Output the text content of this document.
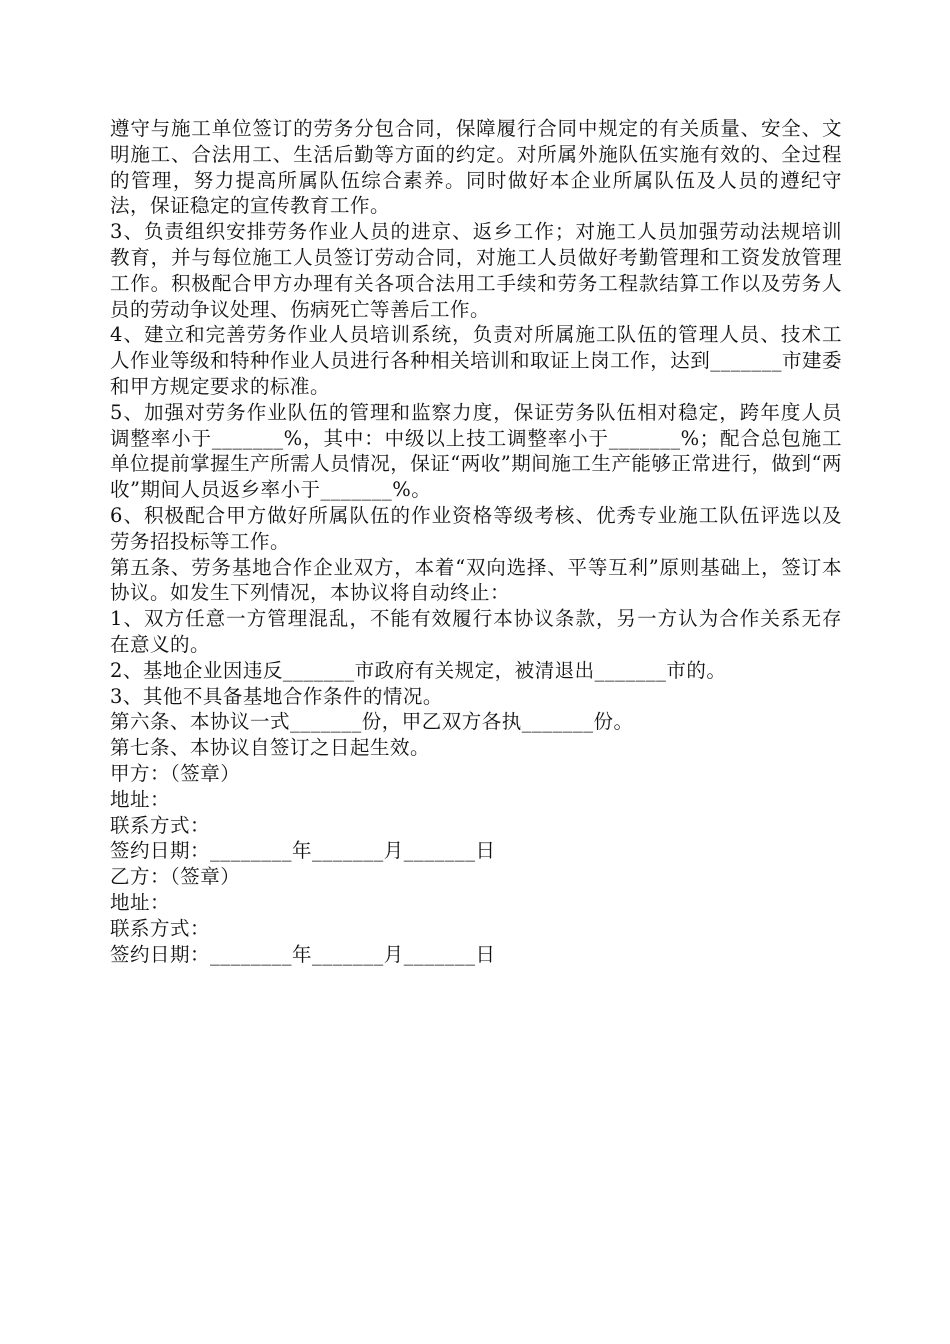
遵守与施工单位签订的劳务分包合同，保障履行合同中规定的有关质量、安全、文明施工、合法用工、生活后勤等方面的约定。对所属外施队伍实施有效的、全过程的管理，努力提高所属队伍综合素养。同时做好本企业所属队伍及人员的遵纪守法，保证稳定的宣传教育工作。

3、负责组织安排劳务作业人员的进京、返乡工作；对施工人员加强劳动法规培训教育，并与每位施工人员签订劳动合同，对施工人员做好考勤管理和工资发放管理工作。积极配合甲方办理有关各项合法用工手续和劳务工程款结算工作以及劳务人员的劳动争议处理、伤病死亡等善后工作。

4、建立和完善劳务作业人员培训系统，负责对所属施工队伍的管理人员、技术工人作业等级和特种作业人员进行各种相关培训和取证上岗工作，达到_______市建委和甲方规定要求的标准。

5、加强对劳务作业队伍的管理和监察力度，保证劳务队伍相对稳定，跨年度人员调整率小于_______%，其中：中级以上技工调整率小于_______%；配合总包施工单位提前掌握生产所需人员情况，保证“两收”期间施工生产能够正常进行，做到“两收”期间人员返乡率小于_______%。

6、积极配合甲方做好所属队伍的作业资格等级考核、优秀专业施工队伍评选以及劳务招投标等工作。

第五条、劳务基地合作企业双方，本着“双向选择、平等互利”原则基础上，签订本协议。如发生下列情况，本协议将自动终止：

1、双方任意一方管理混乱，不能有效履行本协议条款，另一方认为合作关系无存在意义的。

2、基地企业因违反_______市政府有关规定，被清退出_______市的。

3、其他不具备基地合作条件的情况。

第六条、本协议一式_______份，甲乙双方各执_______份。

第七条、本协议自签订之日起生效。

甲方：（签章）

地址：

联系方式：

签约日期：________年_______月_______日

乙方：（签章）

地址：

联系方式：

签约日期：________年_______月_______日
